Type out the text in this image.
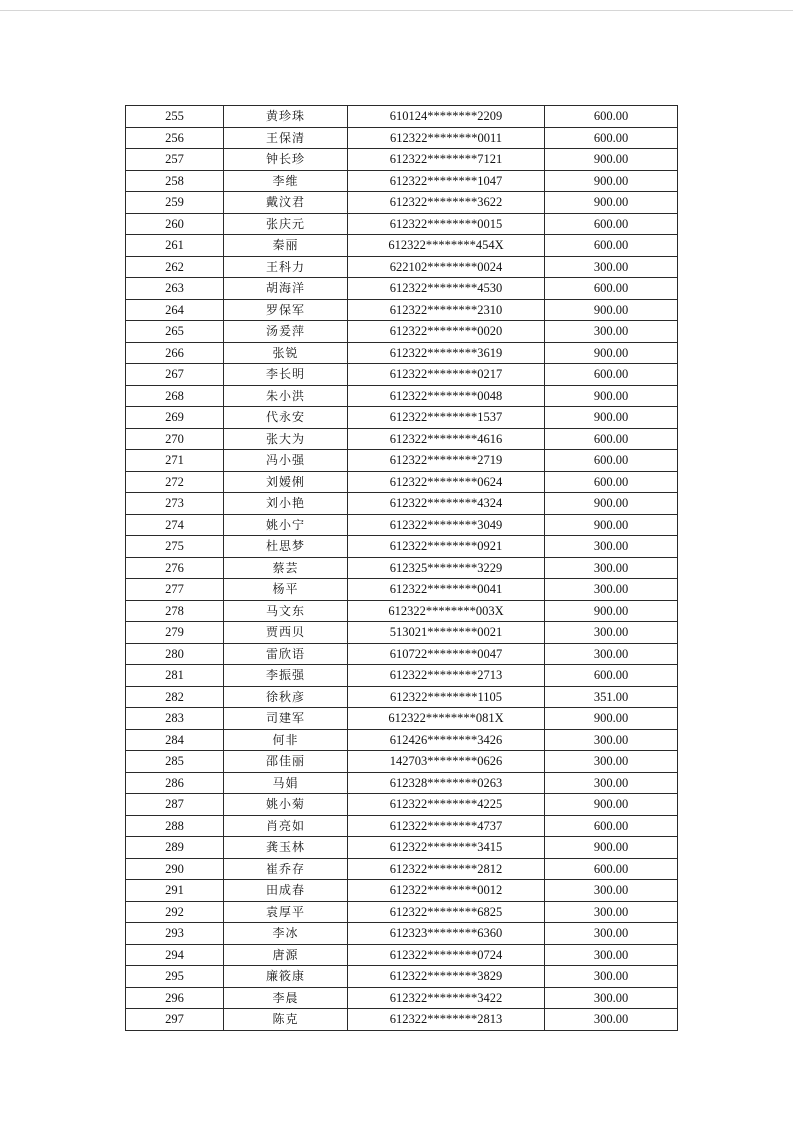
255	黄珍珠	610124********2209	600.00
256	王保清	612322********0011	600.00
257	钟长珍	612322********7121	900.00
258	李维	612322********1047	900.00
259	戴汶君	612322********3622	900.00
260	张庆元	612322********0015	600.00
261	秦丽	612322********454X	600.00
262	王科力	622102********0024	300.00
263	胡海洋	612322********4530	600.00
264	罗保军	612322********2310	900.00
265	汤爰萍	612322********0020	300.00
266	张锐	612322********3619	900.00
267	李长明	612322********0217	600.00
268	朱小洪	612322********0048	900.00
269	代永安	612322********1537	900.00
270	张大为	612322********4616	600.00
271	冯小强	612322********2719	600.00
272	刘嫒俐	612322********0624	600.00
273	刘小艳	612322********4324	900.00
274	姚小宁	612322********3049	900.00
275	杜思梦	612322********0921	300.00
276	蔡芸	612325********3229	300.00
277	杨平	612322********0041	300.00
278	马文东	612322********003X	900.00
279	贾西贝	513021********0021	300.00
280	雷欣语	610722********0047	300.00
281	李振强	612322********2713	600.00
282	徐秋彦	612322********1105	351.00
283	司建军	612322********081X	900.00
284	何非	612426********3426	300.00
285	邵佳丽	142703********0626	300.00
286	马娟	612328********0263	300.00
287	姚小菊	612322********4225	900.00
288	肖亮如	612322********4737	600.00
289	龚玉林	612322********3415	900.00
290	崔乔存	612322********2812	600.00
291	田成春	612322********0012	300.00
292	袁厚平	612322********6825	300.00
293	李冰	612323********6360	300.00
294	唐源	612322********0724	300.00
295	廉筱康	612322********3829	300.00
296	李晨	612322********3422	300.00
297	陈克	612322********2813	300.00
